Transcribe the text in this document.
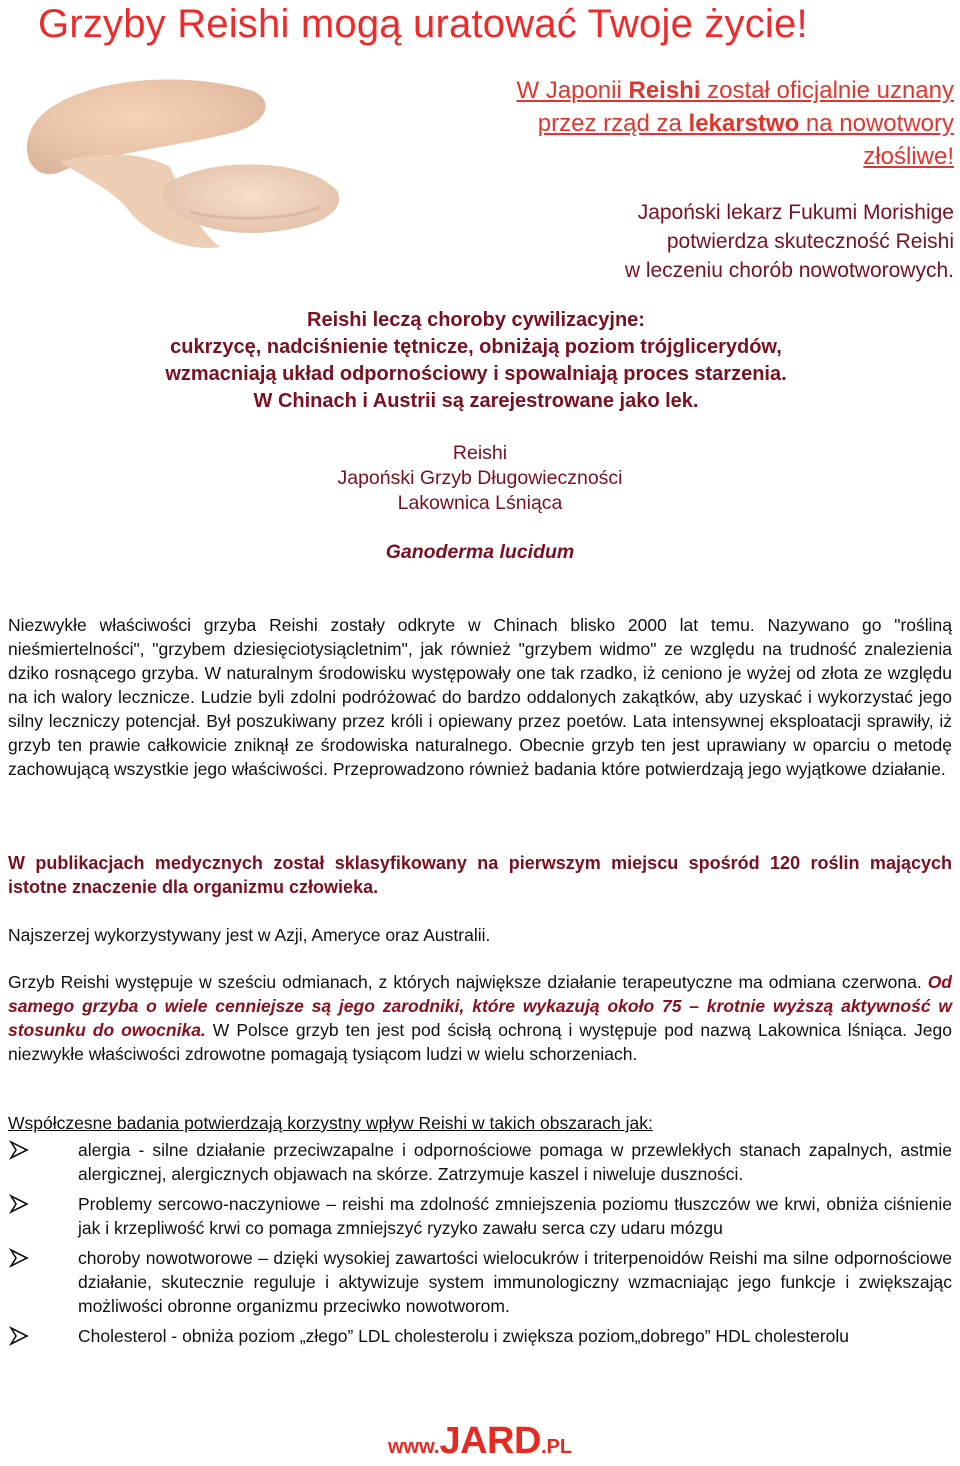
Grzyby Reishi mogą uratować Twoje życie!
W Japonii Reishi został oficjalnie uznany przez rząd za lekarstwo na nowotwory złośliwe!
Japoński lekarz Fukumi Morishige
potwierdza skuteczność Reishi
w leczeniu chorób nowotworowych.
Reishi leczą choroby cywilizacyjne:
cukrzycę, nadciśnienie tętnicze, obniżają poziom trójglicerydów,
wzmacniają układ odpornościowy i spowalniają proces starzenia.
W Chinach i Austrii są zarejestrowane jako lek.
Reishi
Japoński Grzyb Długowieczności
Lakownica Lśniąca
Ganoderma lucidum

Niezwykłe właściwości grzyba Reishi zostały odkryte w Chinach blisko 2000 lat temu. Nazywano go "rośliną nieśmiertelności", "grzybem dziesięciotysiącletnim", jak również "grzybem widmo" ze względu na trudność znalezienia dziko rosnącego grzyba. W naturalnym środowisku występowały one tak rzadko, iż ceniono je wyżej od złota ze względu na ich walory lecznicze. Ludzie byli zdolni podróżować do bardzo oddalonych zakątków, aby uzyskać i wykorzystać jego silny leczniczy potencjał. Był poszukiwany przez króli i opiewany przez poetów. Lata intensywnej eksploatacji sprawiły, iż grzyb ten prawie całkowicie zniknął ze środowiska naturalnego. Obecnie grzyb ten jest uprawiany w oparciu o metodę zachowującą wszystkie jego właściwości. Przeprowadzono również badania które potwierdzają jego wyjątkowe działanie.

W publikacjach medycznych został sklasyfikowany na pierwszym miejscu spośród 120 roślin mających istotne znaczenie dla organizmu człowieka.

Najszerzej wykorzystywany jest w Azji, Ameryce oraz Australii.

Grzyb Reishi występuje w sześciu odmianach, z których największe działanie terapeutyczne ma odmiana czerwona. Od samego grzyba o wiele cenniejsze są jego zarodniki, które wykazują około 75 – krotnie wyższą aktywność w stosunku do owocnika. W Polsce grzyb ten jest pod ścisłą ochroną i występuje pod nazwą Lakownica lśniąca. Jego niezwykłe właściwości zdrowotne pomagają tysiącom ludzi w wielu schorzeniach.

Współczesne badania potwierdzają korzystny wpływ Reishi w takich obszarach jak:
alergia - silne działanie przeciwzapalne i odpornościowe pomaga w przewlekłych stanach zapalnych, astmie alergicznej, alergicznych objawach na skórze. Zatrzymuje kaszel i niweluje duszności.
Problemy sercowo-naczyniowe – reishi ma zdolność zmniejszenia poziomu tłuszczów we krwi, obniża ciśnienie jak i krzepliwość krwi co pomaga zmniejszyć ryzyko zawału serca czy udaru mózgu
choroby nowotworowe – dzięki wysokiej zawartości wielocukrów i triterpenoidów Reishi ma silne odpornościowe działanie, skutecznie reguluje i aktywizuje system immunologiczny wzmacniając jego funkcje i zwiększając możliwości obronne organizmu przeciwko nowotworom.
Cholesterol - obniża poziom „złego” LDL cholesterolu i zwiększa poziom„dobrego” HDL cholesterolu
www.JARD.PL
